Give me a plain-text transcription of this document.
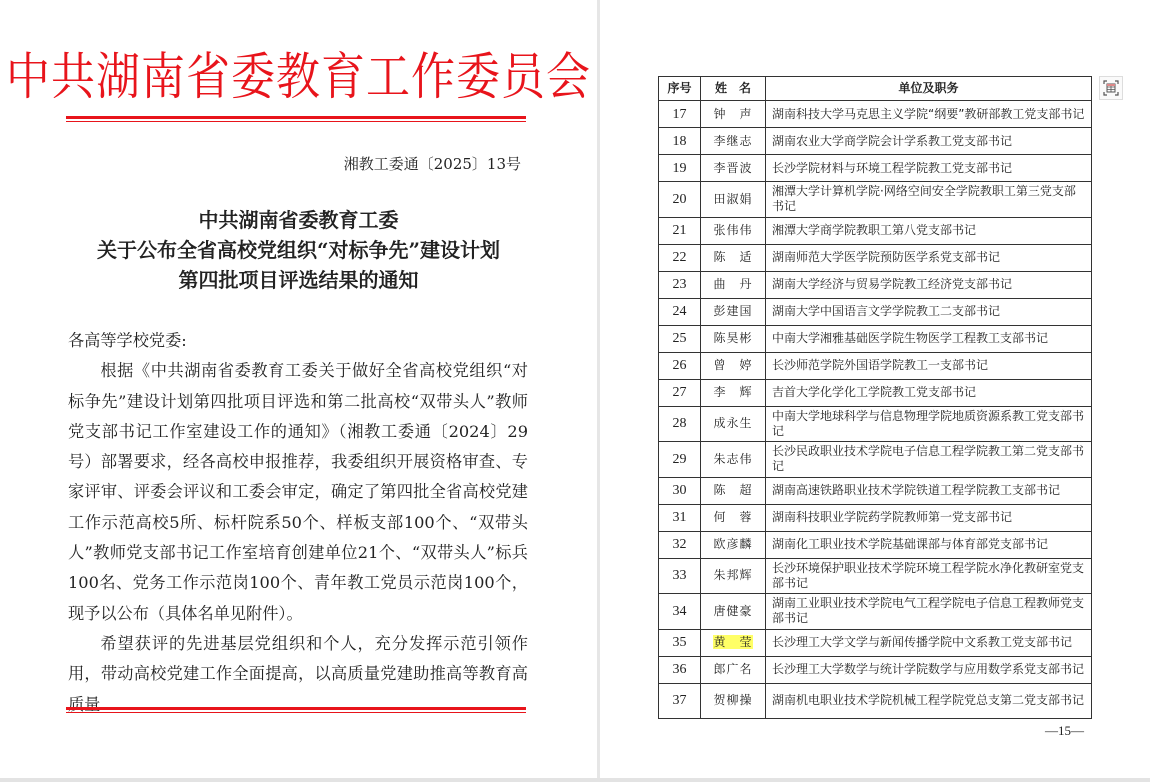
中共湖南省委教育工作委员会
湘教工委通〔2025〕13号
中共湖南省委教育工委
关于公布全省高校党组织“对标争先”建设计划
第四批项目评选结果的通知

各高等学校党委:

根据《中共湖南省委教育工委关于做好全省高校党组织“对标争先”建设计划第四批项目评选和第二批高校“双带头人”教师党支部书记工作室建设工作的通知》（湘教工委通〔2024〕29号）部署要求，经各高校申报推荐，我委组织开展资格审查、专家评审、评委会评议和工委会审定，确定了第四批全省高校党建工作示范高校5所、标杆院系50个、样板支部100个、“双带头人”教师党支部书记工作室培育创建单位21个、“双带头人”标兵100名、党务工作示范岗100个、青年教工党员示范岗100个，现予以公布（具体名单见附件）。

希望获评的先进基层党组织和个人，充分发挥示范引领作用，带动高校党建工作全面提高，以高质量党建助推高等教育高质量

序号	姓　名	单位及职务
17	钟　声	湖南科技大学马克思主义学院“纲要”教研部教工党支部书记
18	李继志	湖南农业大学商学院会计学系教工党支部书记
19	李晋波	长沙学院材料与环境工程学院教工党支部书记
20	田淑娟	湘潭大学计算机学院·网络空间安全学院教职工第三党支部书记
21	张伟伟	湘潭大学商学院教职工第八党支部书记
22	陈　适	湖南师范大学医学院预防医学系党支部书记
23	曲　丹	湖南大学经济与贸易学院教工经济党支部书记
24	彭建国	湖南大学中国语言文学学院教工二支部书记
25	陈昊彬	中南大学湘雅基础医学院生物医学工程教工支部书记
26	曾　婷	长沙师范学院外国语学院教工一支部书记
27	李　辉	吉首大学化学化工学院教工党支部书记
28	成永生	中南大学地球科学与信息物理学院地质资源系教工党支部书记
29	朱志伟	长沙民政职业技术学院电子信息工程学院教工第二党支部书记
30	陈　超	湖南高速铁路职业技术学院铁道工程学院教工支部书记
31	何　蓉	湖南科技职业学院药学院教师第一党支部书记
32	欧彦麟	湖南化工职业技术学院基础课部与体育部党支部书记
33	朱邦辉	长沙环境保护职业技术学院环境工程学院水净化教研室党支部书记
34	唐健豪	湖南工业职业技术学院电气工程学院电子信息工程教师党支部书记
35	黄　莹	长沙理工大学文学与新闻传播学院中文系教工党支部书记
36	郎广名	长沙理工大学数学与统计学院数学与应用数学系党支部书记
37	贺柳操	湖南机电职业技术学院机械工程学院党总支第二党支部书记
—15—
